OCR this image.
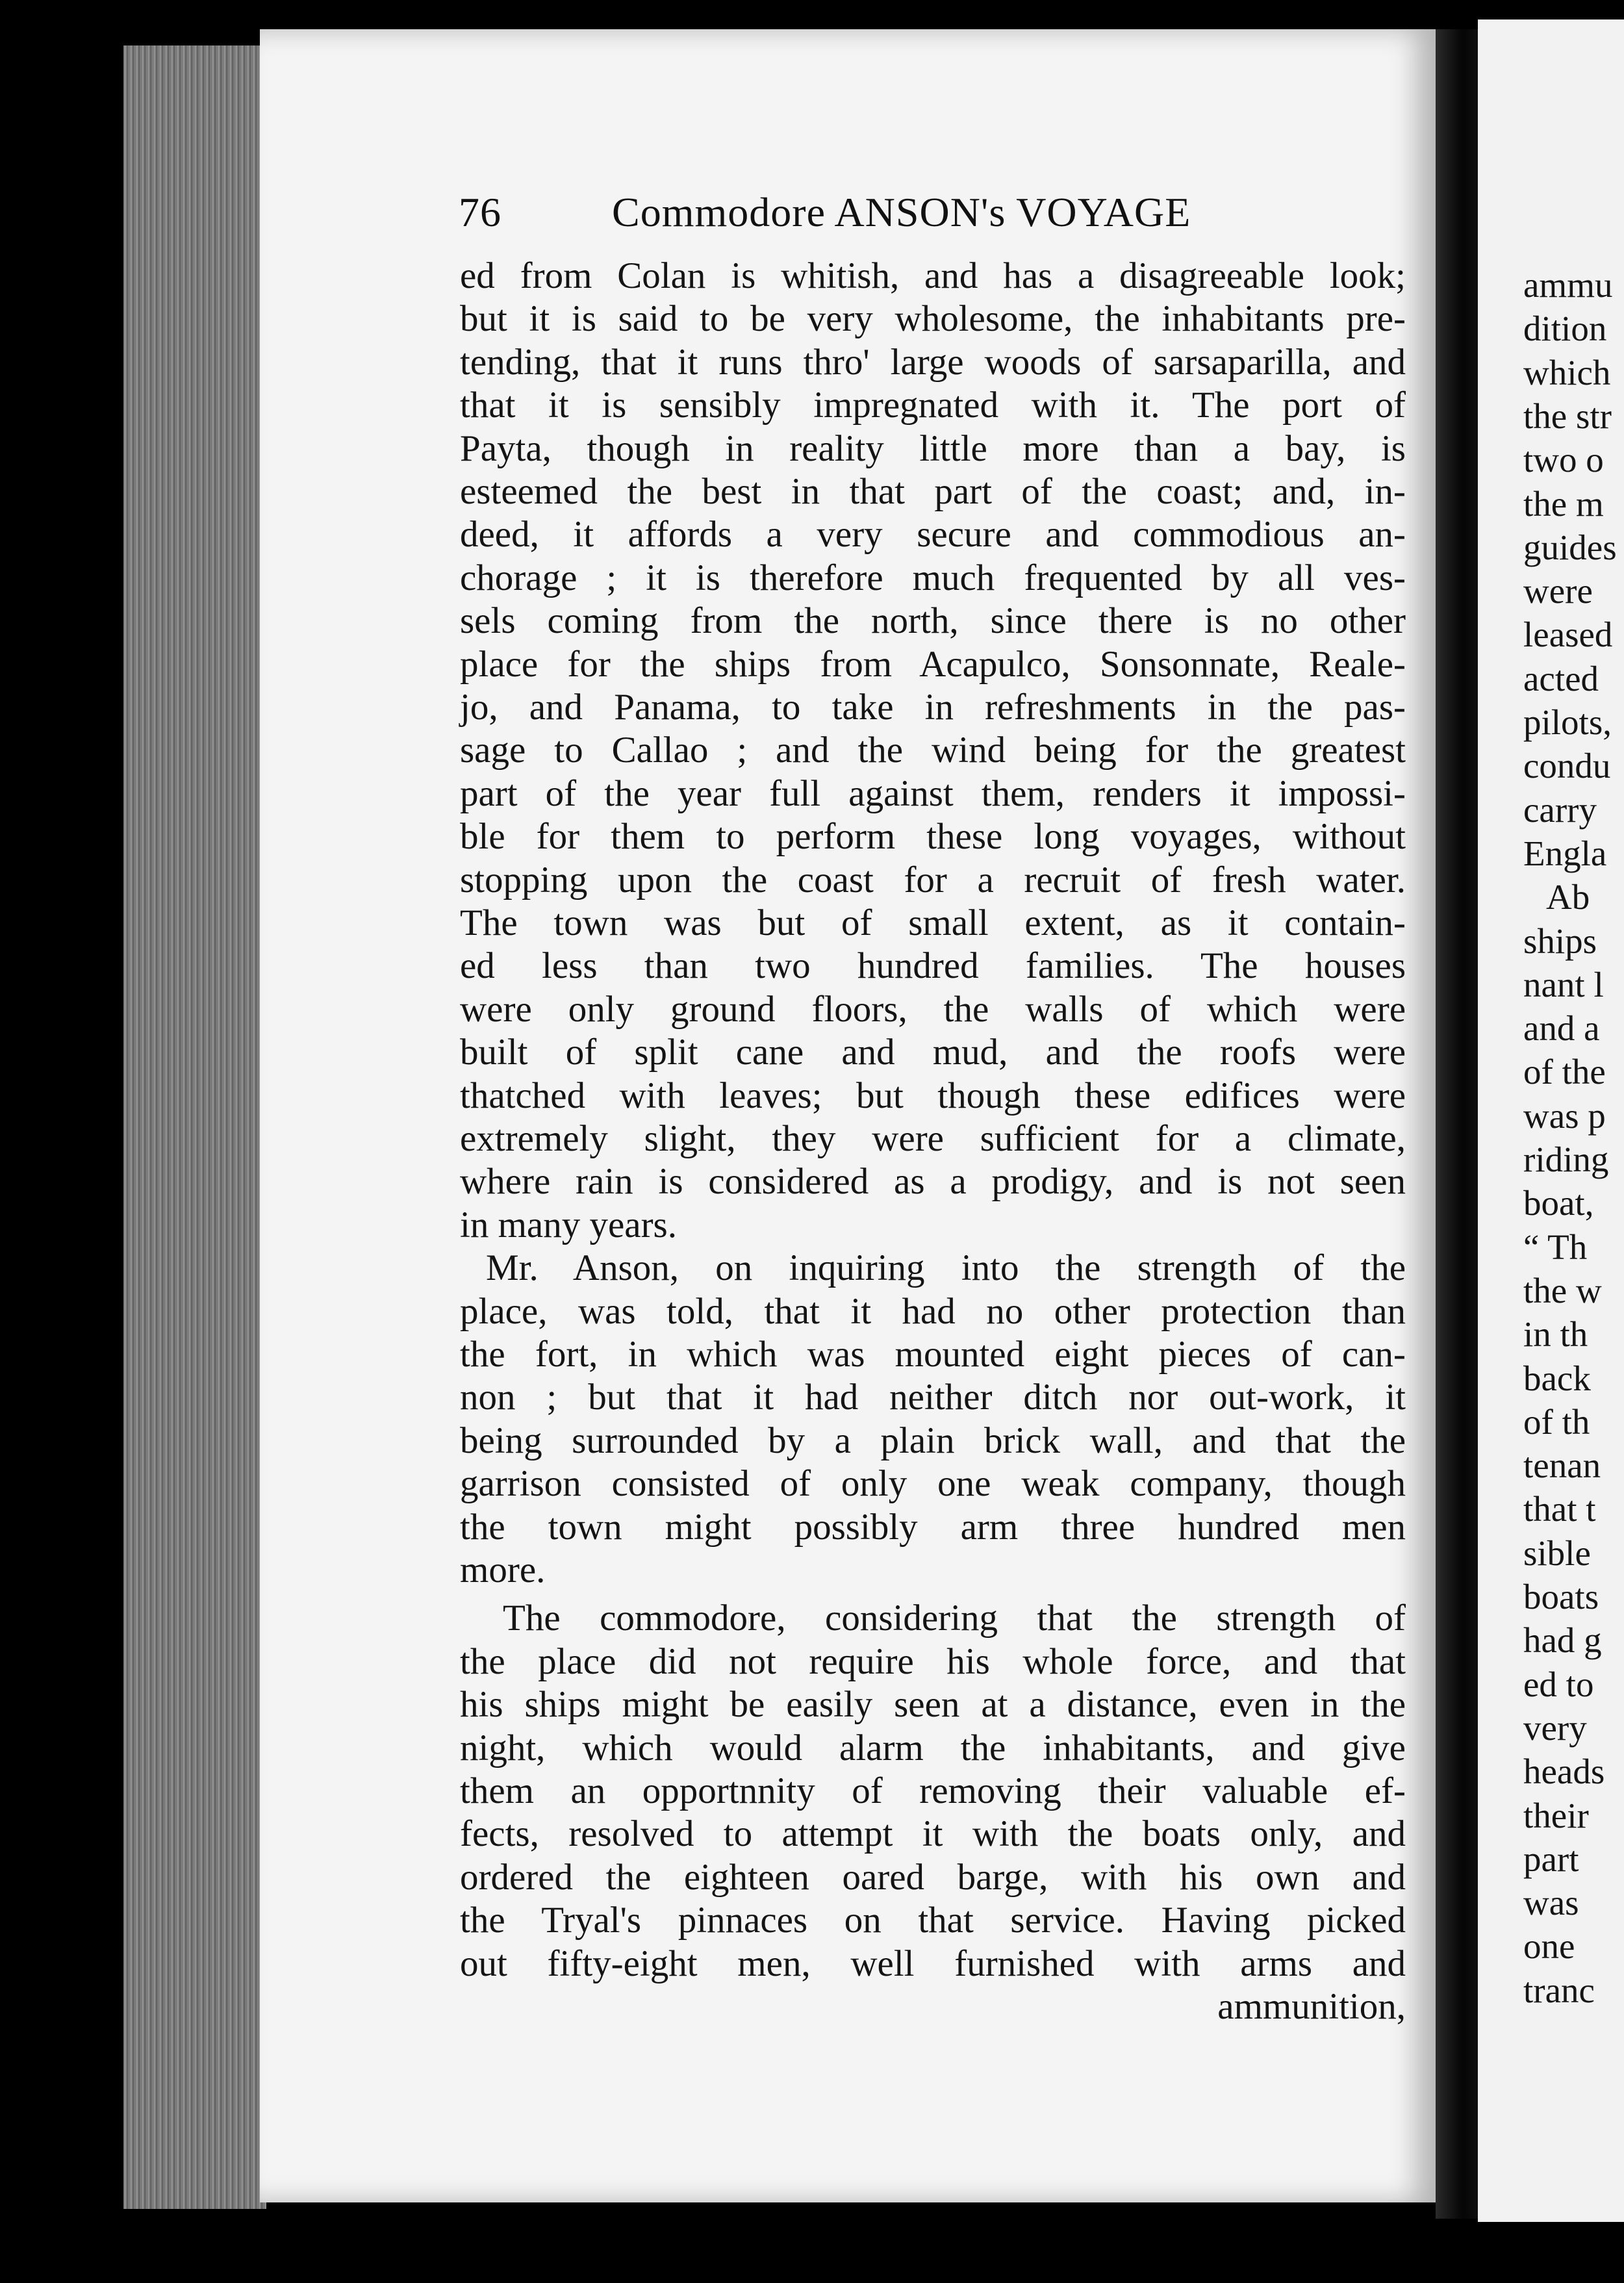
ammu
dition
which
the str
two o
the m
guides
were
leased
acted
pilots,
condu
carry
Engla
Ab
ships
nant l
and a
of the
was p
riding
boat,
“ Th
the w
in th
back
of th
tenan
that t
sible
boats
had g
ed to
very
heads
their
part
was
one
tranc
76	Commodore ANSON's VOYAGE
ed from Colan is whitish, and has a disagreeable look;
but it is said to be very wholesome, the inhabitants pre-
tending, that it runs thro' large woods of sarsaparilla, and
that it is sensibly impregnated with it. The port of
Payta, though in reality little more than a bay, is
esteemed the best in that part of the coast; and, in-
deed, it affords a very secure and commodious an-
chorage ; it is therefore much frequented by all ves-
sels coming from the north, since there is no other
place for the ships from Acapulco, Sonsonnate, Reale-
jo, and Panama, to take in refreshments in the pas-
sage to Callao ; and the wind being for the greatest
part of the year full against them, renders it impossi-
ble for them to perform these long voyages, without
stopping upon the coast for a recruit of fresh water.
The town was but of small extent, as it contain-
ed less than two hundred families. The houses
were only ground floors, the walls of which were
built of split cane and mud, and the roofs were
thatched with leaves; but though these edifices were
extremely slight, they were sufficient for a climate,
where rain is considered as a prodigy, and is not seen
in many years.
Mr. Anson, on inquiring into the strength of the
place, was told, that it had no other protection than
the fort, in which was mounted eight pieces of can-
non ; but that it had neither ditch nor out-work, it
being surrounded by a plain brick wall, and that the
garrison consisted of only one weak company, though
the town might possibly arm three hundred men
more.
The commodore, considering that the strength of
the place did not require his whole force, and that
his ships might be easily seen at a distance, even in the
night, which would alarm the inhabitants, and give
them an opportnnity of removing their valuable ef-
fects, resolved to attempt it with the boats only, and
ordered the eighteen oared barge, with his own and
the Tryal's pinnaces on that service. Having picked
out fifty-eight men, well furnished with arms and
ammunition,
